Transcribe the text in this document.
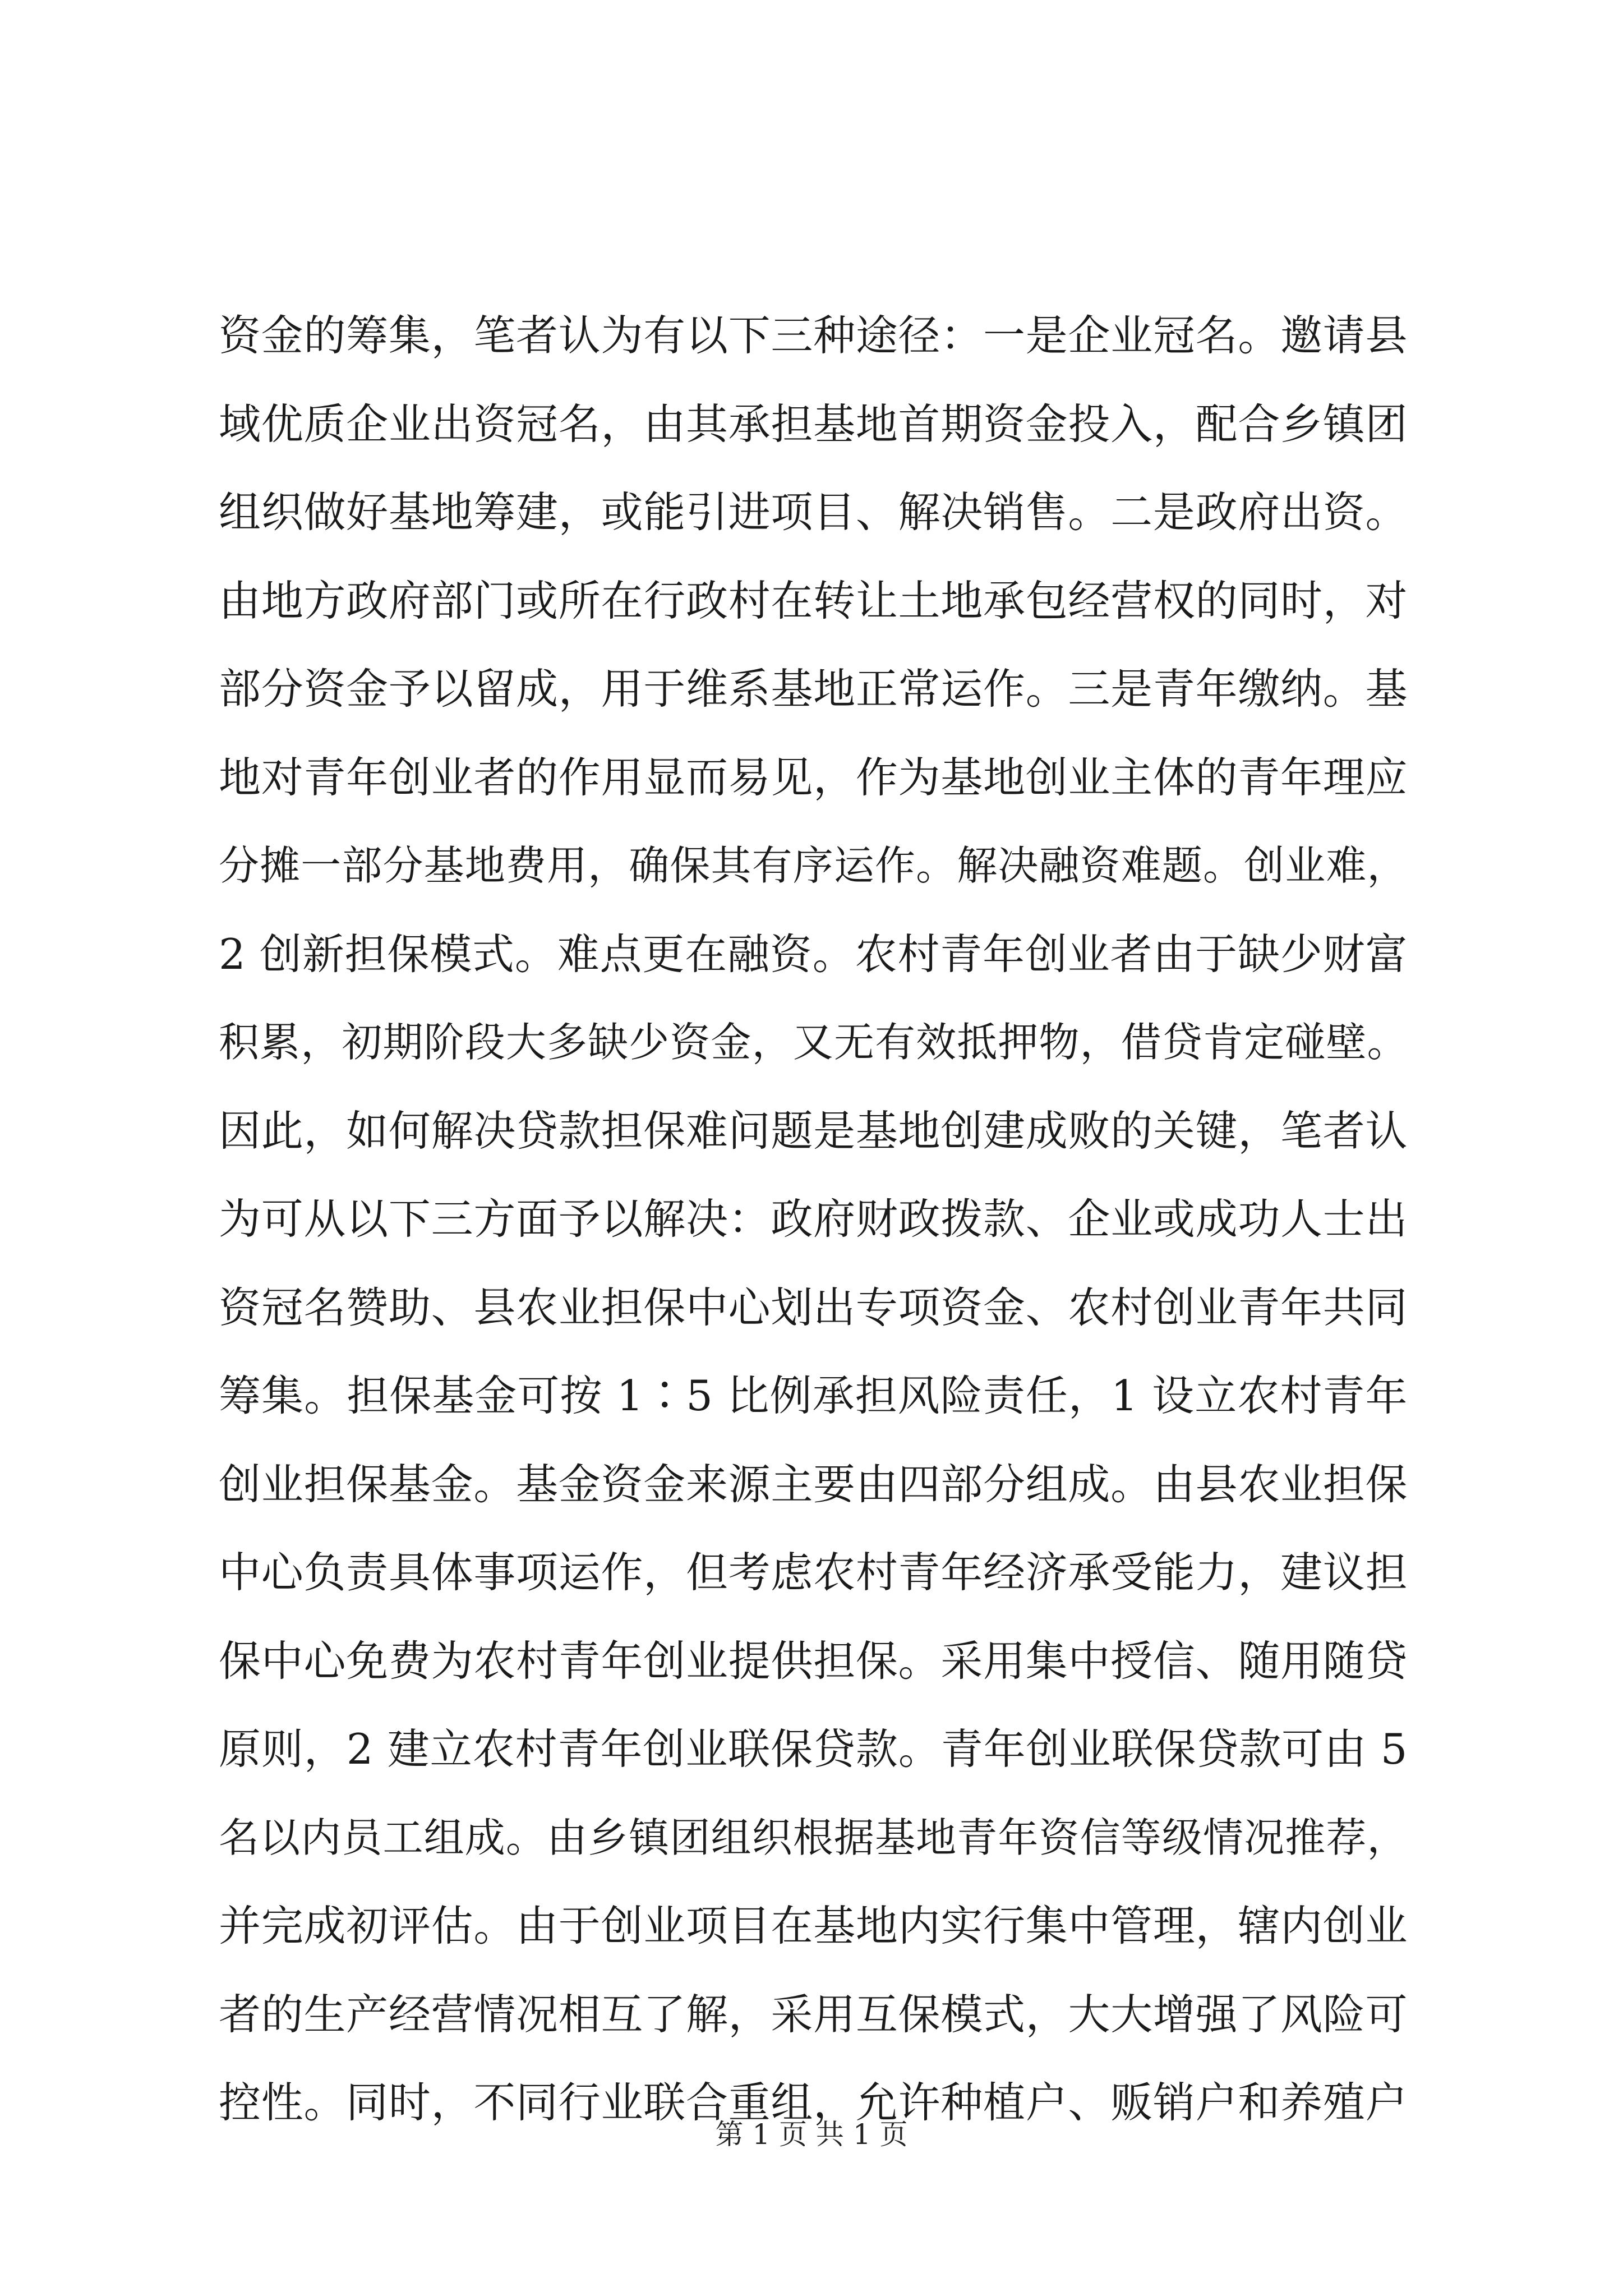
资金的筹集，笔者认为有以下三种途径：一是企业冠名。邀请县
域优质企业出资冠名，由其承担基地首期资金投入，配合乡镇团
组织做好基地筹建，或能引进项目、解决销售。二是政府出资。
由地方政府部门或所在行政村在转让土地承包经营权的同时，对
部分资金予以留成，用于维系基地正常运作。三是青年缴纳。基
地对青年创业者的作用显而易见，作为基地创业主体的青年理应
分摊一部分基地费用，确保其有序运作。解决融资难题。创业难，
2 创新担保模式。难点更在融资。农村青年创业者由于缺少财富
积累，初期阶段大多缺少资金，又无有效抵押物，借贷肯定碰壁。
因此，如何解决贷款担保难问题是基地创建成败的关键，笔者认
为可从以下三方面予以解决：政府财政拨款、企业或成功人士出
资冠名赞助、县农业担保中心划出专项资金、农村创业青年共同
筹集。担保基金可按 1∶5 比例承担风险责任，1 设立农村青年
创业担保基金。基金资金来源主要由四部分组成。由县农业担保
中心负责具体事项运作，但考虑农村青年经济承受能力，建议担
保中心免费为农村青年创业提供担保。采用集中授信、随用随贷
原则，2 建立农村青年创业联保贷款。青年创业联保贷款可由 5
名以内员工组成。由乡镇团组织根据基地青年资信等级情况推荐，
并完成初评估。由于创业项目在基地内实行集中管理，辖内创业
者的生产经营情况相互了解，采用互保模式，大大增强了风险可
控性。同时，不同行业联合重组，允许种植户、贩销户和养殖户
第 1 页 共 1 页
